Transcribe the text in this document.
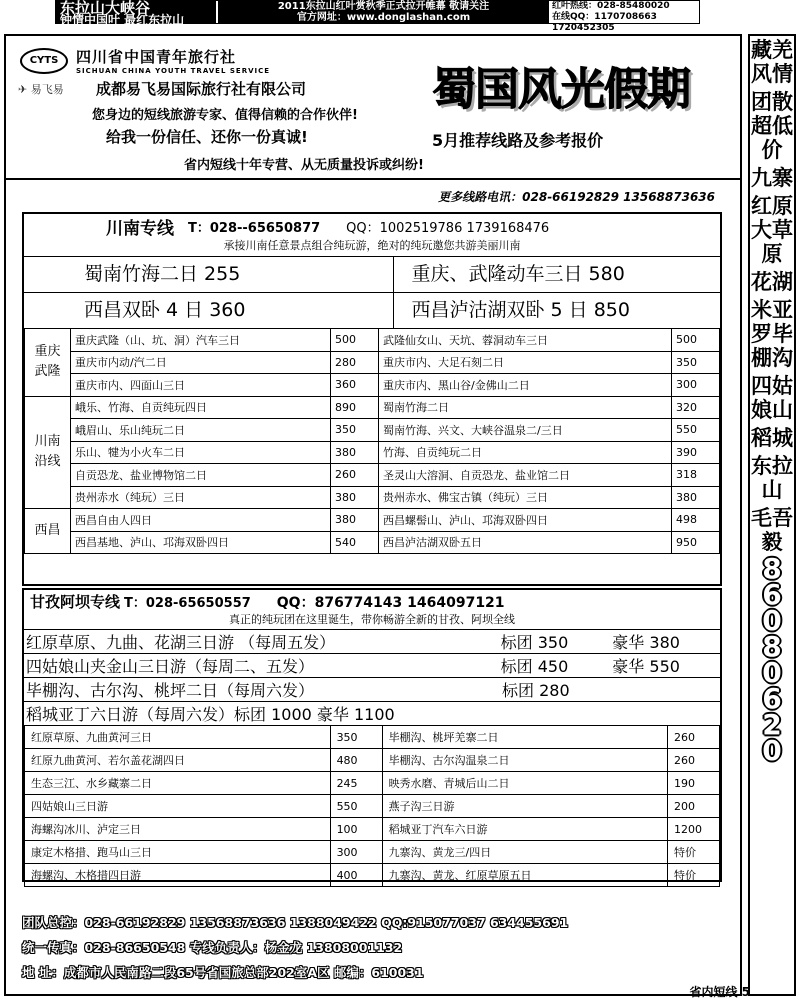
东拉山大峡谷
钟情中国叶 最红东拉山
2011东拉山红叶赏秋季正式拉开帷幕 敬请关注
官方网址：www.donglashan.com
红叶热线：028-85480020
在线QQ：1170708663 1720452305
CYTS	四川省中国青年旅行社
SICHUAN CHINA YOUTH TRAVEL SERVICE
✈ 易飞易	成都易飞易国际旅行社有限公司	蜀国风光假期
您身边的短线旅游专家、值得信赖的合作伙伴!
给我一份信任、还你一份真诚!	5月推荐线路及参考报价
省内短线十年专营、从无质量投诉或纠纷!
更多线路电讯：028-66192829 13568873636
川南专线 T：028--65650877 QQ：1002519786 1739168476
承接川南任意景点组合纯玩游，绝对的纯玩邀您共游美丽川南
蜀南竹海二日 255	重庆、武隆动车三日 580
西昌双卧 4 日 360	西昌泸沽湖双卧 5 日 850
重庆武隆	重庆武隆（山、坑、洞）汽车三日	500	武隆仙女山、天坑、蓉洞动车三日	500
	重庆市内动/汽二日	280	重庆市内、大足石刻二日	350
	重庆市内、四面山三日	360	重庆市内、黑山谷/金佛山二日	300
川南沿线	峨乐、竹海、自贡纯玩四日	890	蜀南竹海二日	320
	峨眉山、乐山纯玩二日	350	蜀南竹海、兴文、大峡谷温泉二/三日	550
	乐山、犍为小火车二日	380	竹海、自贡纯玩二日	390
	自贡恐龙、盐业博物馆二日	260	圣灵山大溶洞、自贡恐龙、盐业馆二日	318
	贵州赤水（纯玩）三日	380	贵州赤水、佛宝古镇（纯玩）三日	380
西昌	西昌自由人四日	380	西昌螺髻山、泸山、邛海双卧四日	498
	西昌基地、泸山、邛海双卧四日	540	西昌泸沽湖双卧五日	950
甘孜阿坝专线 T：028-65650557 QQ：876774143 1464097121
真正的纯玩团在这里诞生，带你畅游全新的甘孜、阿坝全线
红原草原、九曲、花湖三日游 （每周五发）	标团 350	豪华 380
四姑娘山夹金山三日游（每周二、五发）	标团 450	豪华 550
毕棚沟、古尔沟、桃坪二日（每周六发）	标团 280
稻城亚丁六日游（每周六发）标团 1000 豪华 1100
红原草原、九曲黄河三日	350	毕棚沟、桃坪羌寨二日	260
红原九曲黄河、若尔盖花湖四日	480	毕棚沟、古尔沟温泉二日	260
生态三江、水乡藏寨二日	245	映秀水磨、青城后山二日	190
四姑娘山三日游	550	燕子沟三日游	200
海螺沟冰川、泸定三日	100	稻城亚丁汽车六日游	1200
康定木格措、跑马山三日	300	九寨沟、黄龙三/四日	特价
海螺沟、木格措四日游	400	九寨沟、黄龙、红原草原五日	特价
团队总控：028-66192829 13568873636 1388049422 QQ:915077037 634455691
统一传真：028-86650548 专线负责人：杨金龙 13808001132
地 址：成都市人民南路二段65号省国旅总部202室A区 邮编：610031
藏羌风情
团散超低价
九寨
红原大草原
花湖
米亚罗毕棚沟
四姑娘山
稻城
东拉山
毛吾毅
8
6
0
8
0
6
2
0
省内短线 5
